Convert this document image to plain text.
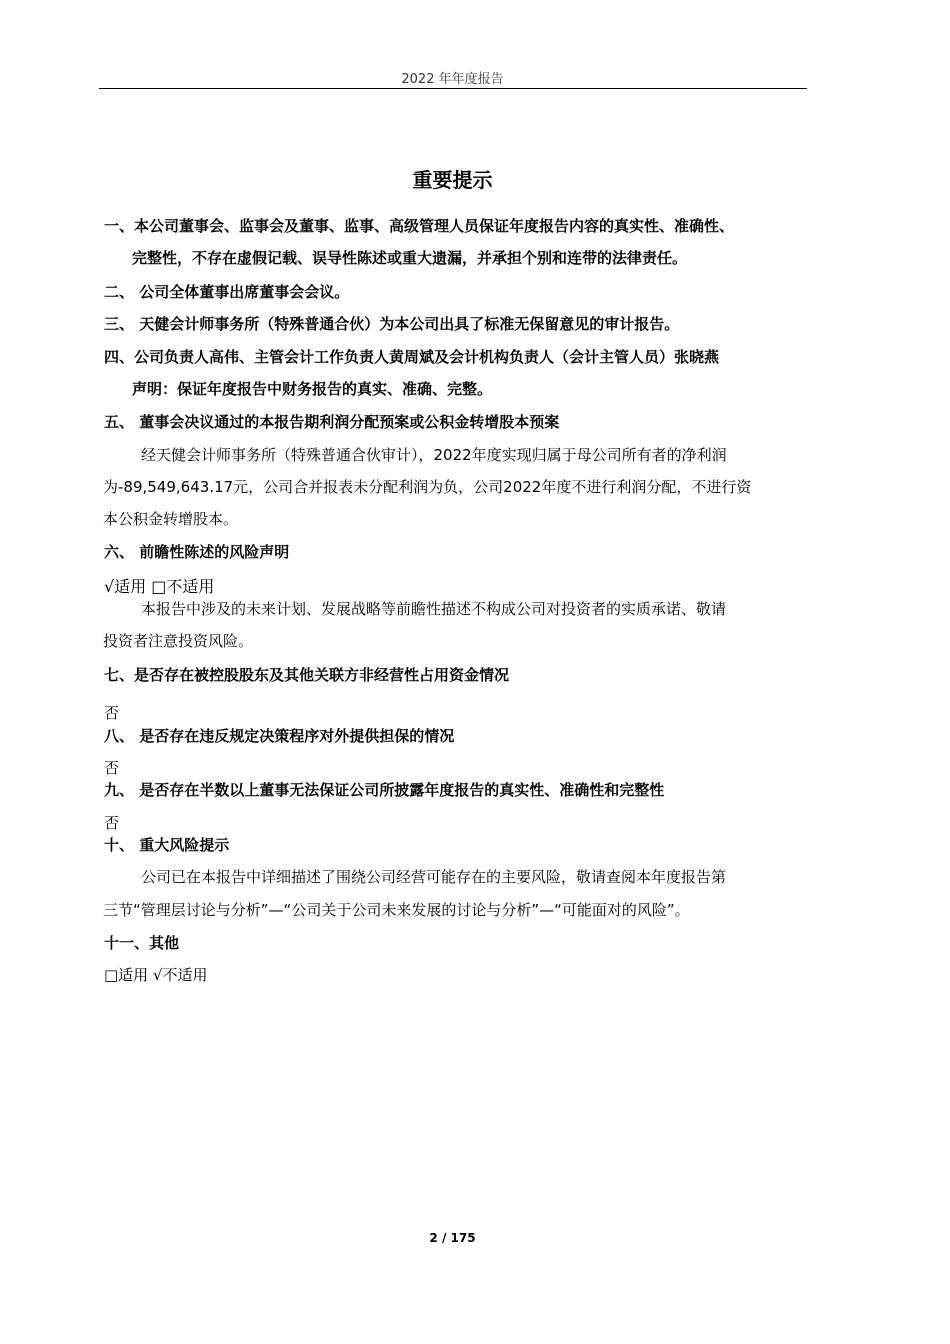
2022 年年度报告
重要提示
一、本公司董事会、监事会及董事、监事、高级管理人员保证年度报告内容的真实性、准确性、
完整性，不存在虚假记载、误导性陈述或重大遗漏，并承担个别和连带的法律责任。
二、 公司全体董事出席董事会会议。
三、 天健会计师事务所（特殊普通合伙）为本公司出具了标准无保留意见的审计报告。
四、公司负责人高伟、主管会计工作负责人黄周斌及会计机构负责人（会计主管人员）张晓燕
声明：保证年度报告中财务报告的真实、准确、完整。
五、 董事会决议通过的本报告期利润分配预案或公积金转增股本预案
经天健会计师事务所（特殊普通合伙审计），2022年度实现归属于母公司所有者的净利润
为-89,549,643.17元，公司合并报表未分配利润为负，公司2022年度不进行利润分配，不进行资
本公积金转增股本。
六、 前瞻性陈述的风险声明
√适用 □不适用
本报告中涉及的未来计划、发展战略等前瞻性描述不构成公司对投资者的实质承诺、敬请
投资者注意投资风险。
七、是否存在被控股股东及其他关联方非经营性占用资金情况
否
八、 是否存在违反规定决策程序对外提供担保的情况
否
九、 是否存在半数以上董事无法保证公司所披露年度报告的真实性、准确性和完整性
否
十、 重大风险提示
公司已在本报告中详细描述了围绕公司经营可能存在的主要风险，敬请查阅本年度报告第
三节“管理层讨论与分析”—“公司关于公司未来发展的讨论与分析”—“可能面对的风险”。
十一、其他
□适用 √不适用
2 / 175
